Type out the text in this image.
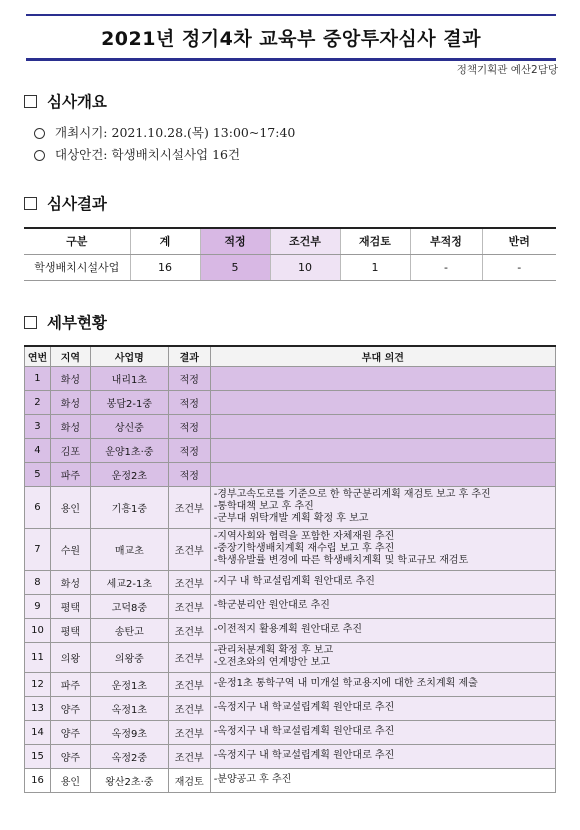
2021년 정기4차 교육부 중앙투자심사 결과
정책기획관 예산2담당
심사개요
개최시기:
2021.10.28.(목) 13:00~17:40
대상안건:
학생배치시설사업 16건
심사결과
구분	계	적정	조건부	재검토	부적정	반려
학생배치시설사업	16	5	10	1	-	-
세부현황
연번	지역	사업명	결과	부대 의견
1	화성	내리1초	적정	
2	화성	봉담2-1중	적정	
3	화성	상신중	적정	
4	김포	운양1초·중	적정	
5	파주	운정2초	적정	
6	용인	기흥1중	조건부	-경부고속도로를 기준으로 한 학군분리계획 재검토 보고 후 추진
-통학대책 보고 후 추진
-군부대 위탁개발 계획 확정 후 보고

7	수원	매교초	조건부	-지역사회와 협력을 포함한 자체재원 추진
-중장기학생배치계획 재수립 보고 후 추진
-학생유발률 변경에 따른 학생배치계획 및 학교규모 재검토

8	화성	세교2-1초	조건부	-지구 내 학교설립계획 원안대로 추진

9	평택	고덕8중	조건부	-학군분리안 원안대로 추진

10	평택	송탄고	조건부	-이전적지 활용계획 원안대로 추진

11	의왕	의왕중	조건부	-관리처분계획 확정 후 보고
-오전초와의 연계방안 보고

12	파주	운정1초	조건부	-운정1초 통학구역 내 미개설 학교용지에 대한 조치계획 제출

13	양주	옥정1초	조건부	-옥정지구 내 학교설립계획 원안대로 추진

14	양주	옥정9초	조건부	-옥정지구 내 학교설립계획 원안대로 추진

15	양주	옥정2중	조건부	-옥정지구 내 학교설립계획 원안대로 추진

16	용인	왕산2초·중	재검토	-분양공고 후 추진
